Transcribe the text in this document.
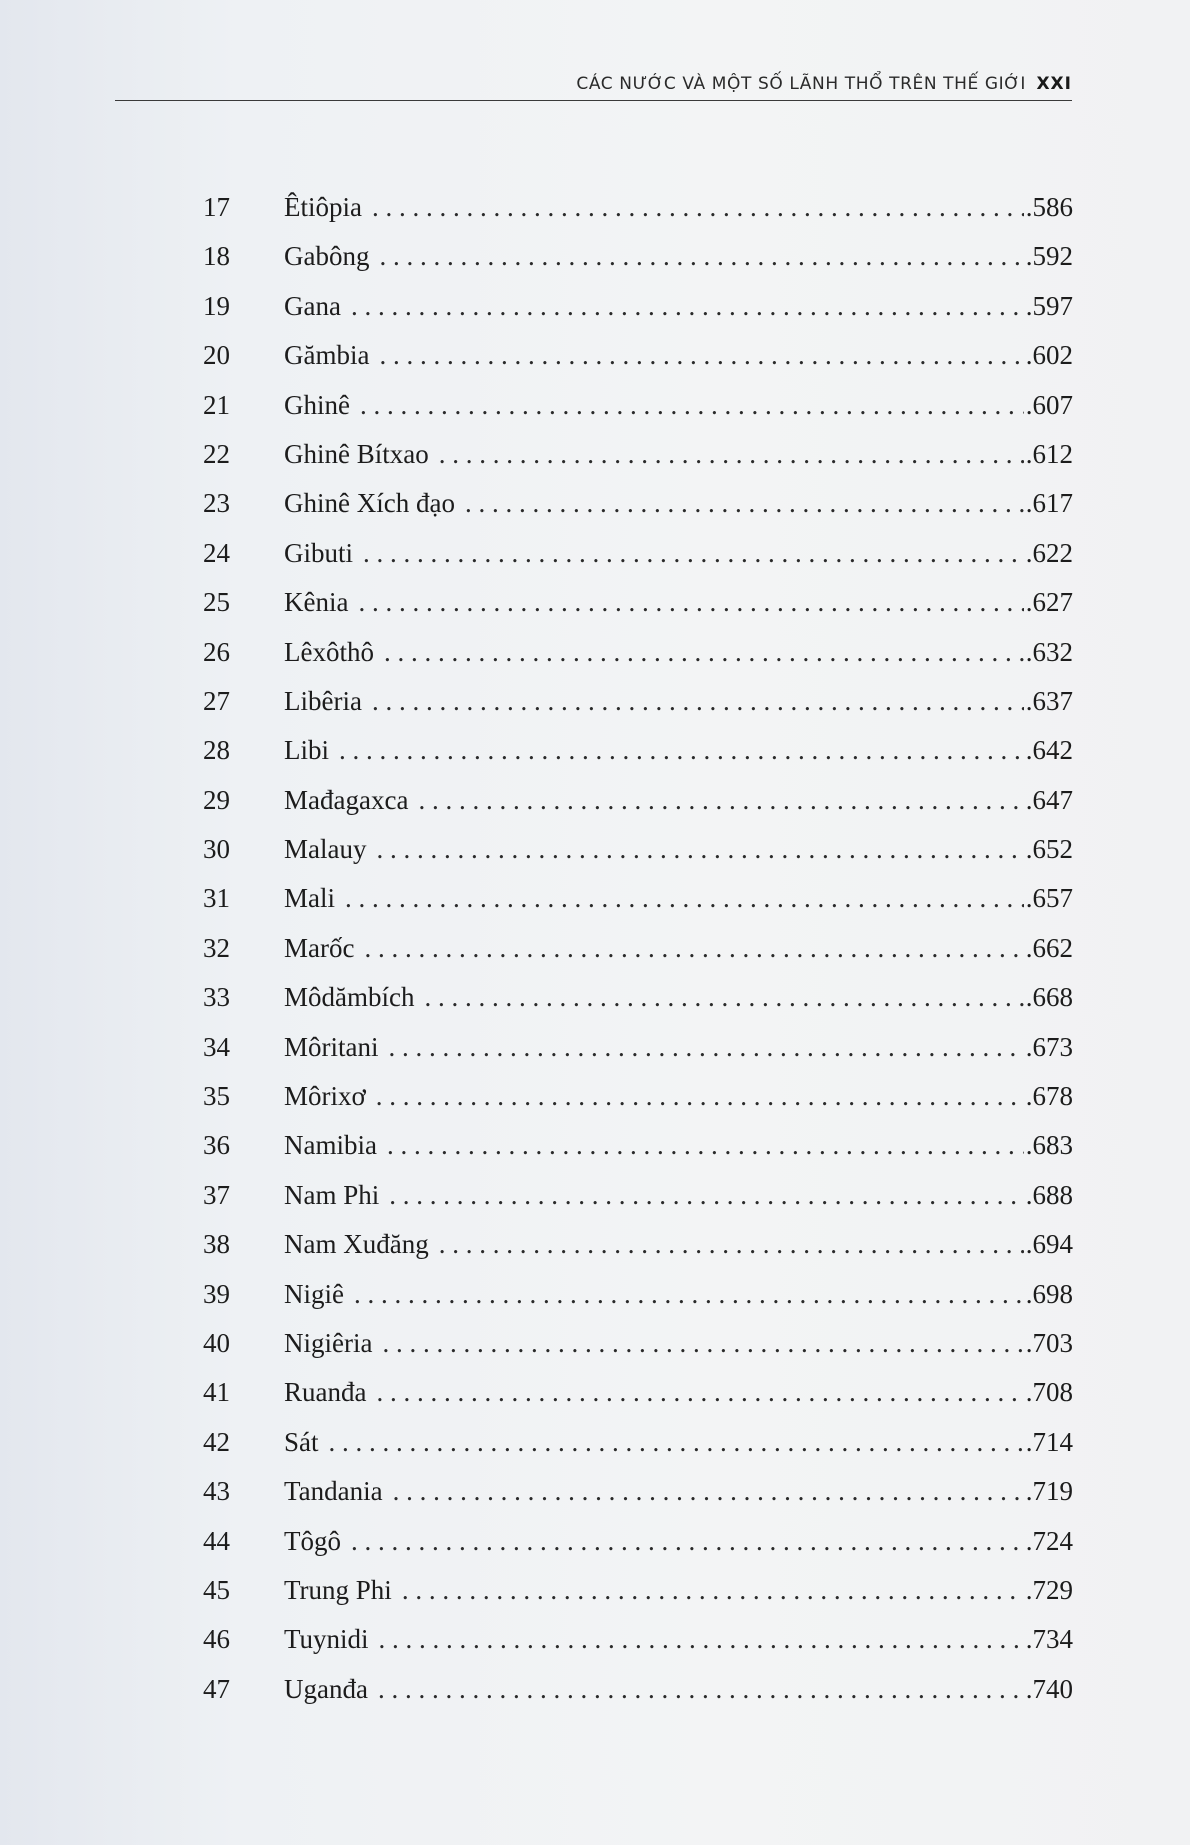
CÁC NƯỚC VÀ MỘT SỐ LÃNH THỔ TRÊN THẾ GIỚI XXI
17 Êtiôpia . . .	.586
18 Gabông . . .	.592
19 Gana . . .	.597
20 Gămbia . . .	.602
21 Ghinê . . .	.607
22 Ghinê Bítxao . . .	.612
23 Ghinê Xích đạo . . .	.617
24 Gibuti . . .	.622
25 Kênia . . .	.627
26 Lêxôthô . . .	.632
27 Libêria . . .	.637
28 Libi . . .	.642
29 Mađagaxca . . .	.647
30 Malauy . . .	.652
31 Mali . . .	.657
32 Marốc . . .	.662
33 Môdămbích . . .	.668
34 Môritani . . .	.673
35 Môrixơ . . .	.678
36 Namibia . . .	.683
37 Nam Phi . . .	.688
38 Nam Xuđăng . . .	.694
39 Nigiê . . .	.698
40 Nigiêria . . .	.703
41 Ruanđa . . .	.708
42 Sát . . .	.714
43 Tandania . . .	.719
44 Tôgô . . .	.724
45 Trung Phi . . .	.729
46 Tuynidi . . .	.734
47 Uganđa . . .	.740
